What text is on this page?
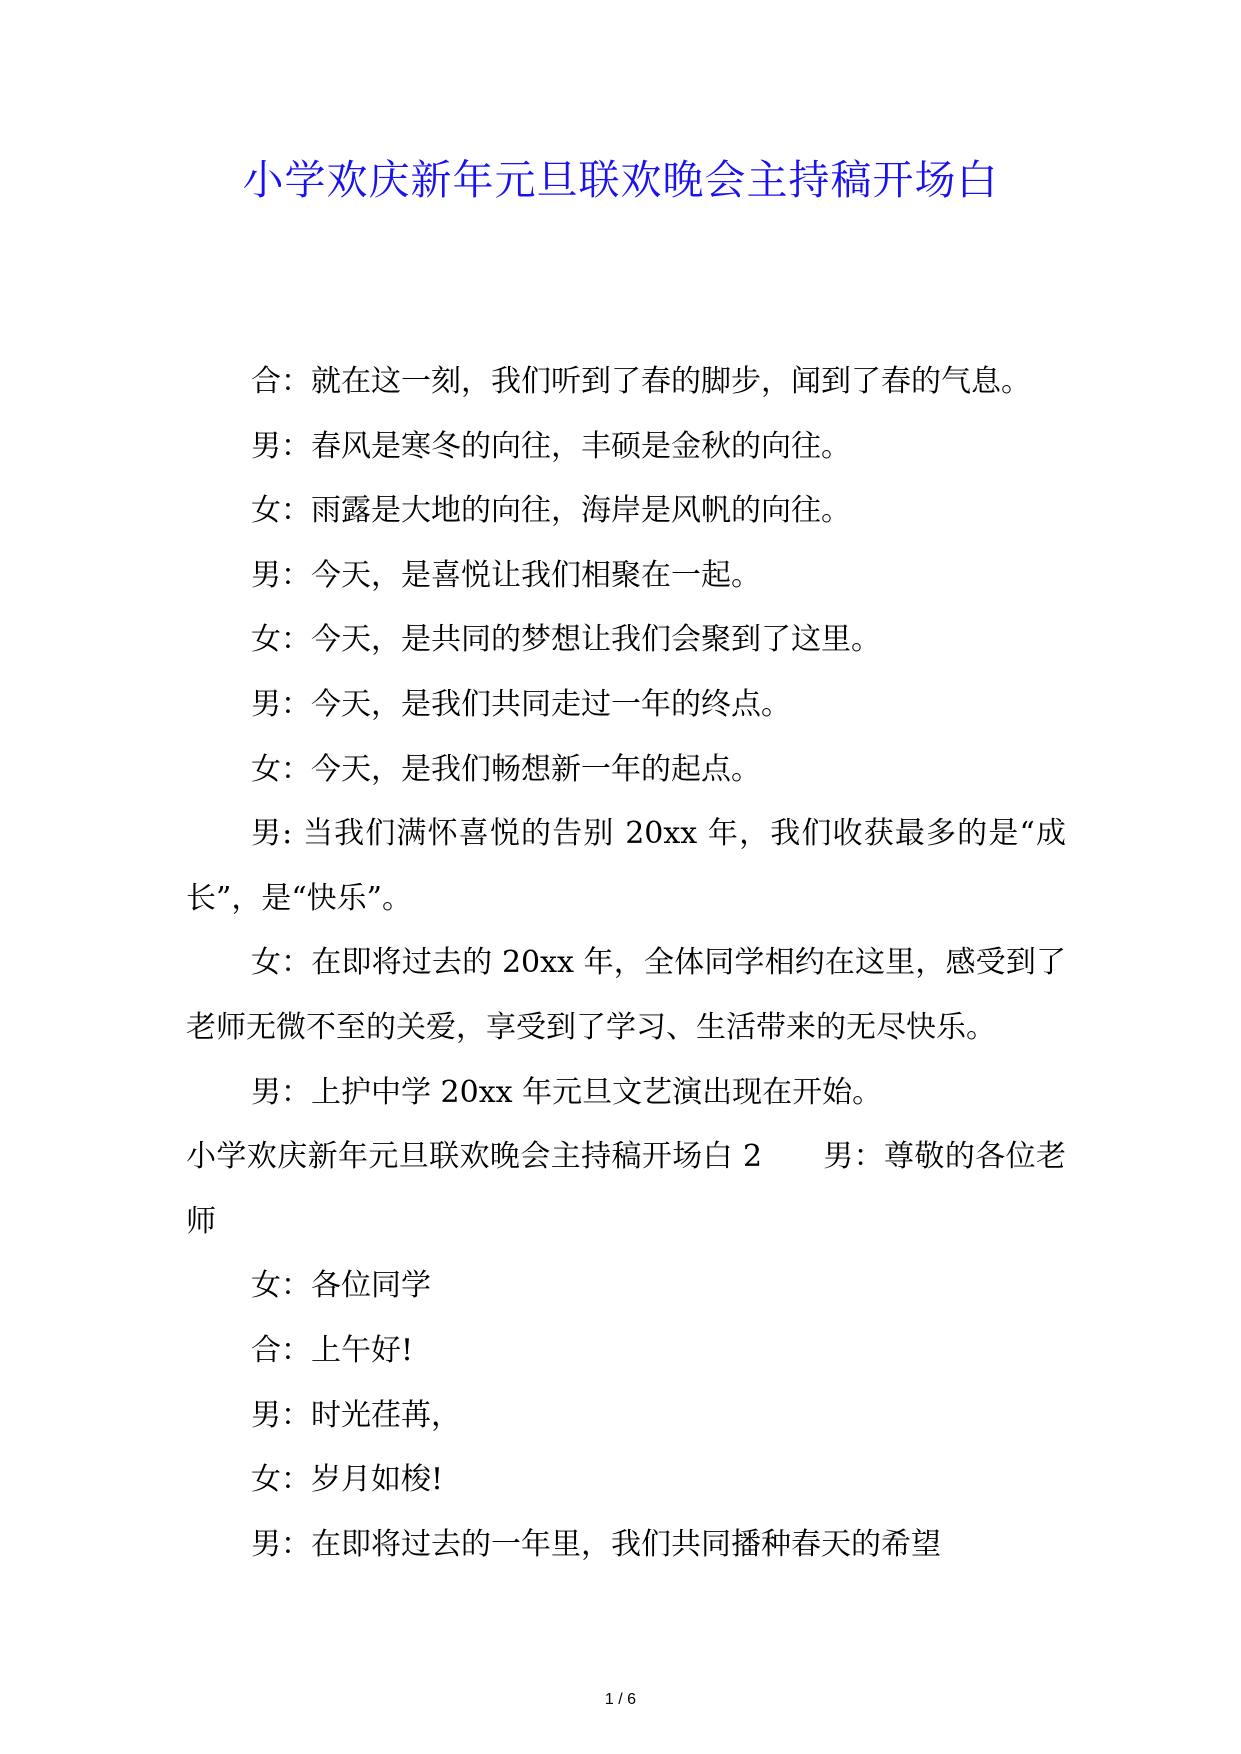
小学欢庆新年元旦联欢晚会主持稿开场白

合：就在这一刻，我们听到了春的脚步，闻到了春的气息。

男：春风是寒冬的向往，丰硕是金秋的向往。

女：雨露是大地的向往，海岸是风帆的向往。

男：今天，是喜悦让我们相聚在一起。

女：今天，是共同的梦想让我们会聚到了这里。

男：今天，是我们共同走过一年的终点。

女：今天，是我们畅想新一年的起点。

男: 当我们满怀喜悦的告别 20xx 年，我们收获最多的是“成长”，是“快乐”。

女：在即将过去的 20xx 年，全体同学相约在这里，感受到了老师无微不至的关爱，享受到了学习、生活带来的无尽快乐。

男：上护中学 20xx 年元旦文艺演出现在开始。

小学欢庆新年元旦联欢晚会主持稿开场白 2　　男：尊敬的各位老师

女：各位同学

合：上午好!

男：时光荏苒，

女：岁月如梭!

男：在即将过去的一年里，我们共同播种春天的希望

1 / 6
